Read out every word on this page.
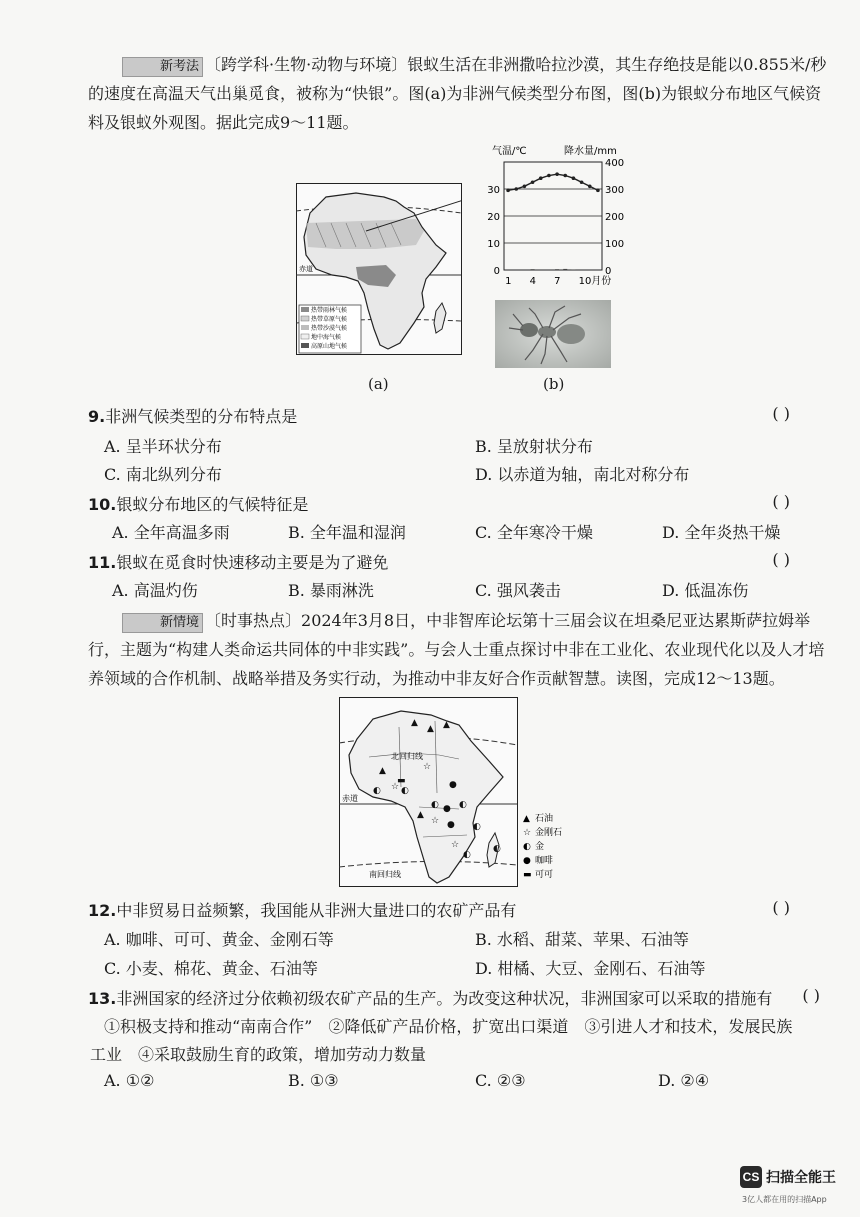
新考法 〔跨学科·生物·动物与环境〕银蚁生活在非洲撒哈拉沙漠，其生存绝技是能以0.855米/秒的速度在高温天气出巢觅食，被称为“快银”。图(a)为非洲气候类型分布图，图(b)为银蚁分布地区气候资料及银蚁外观图。据此完成9～11题。
热带雨林气候
热带草原气候
热带沙漠气候
地中海气候
高原山地气候
赤道
气温/℃	降水量/mm
30
20
10
0
400
300
200
100
0
1 4 7 10月份
(a)	(b)
9.非洲气候类型的分布特点是	( )
A. 呈半环状分布	B. 呈放射状分布
C. 南北纵列分布	D. 以赤道为轴，南北对称分布
10.银蚁分布地区的气候特征是	( )
A. 全年高温多雨	B. 全年温和湿润	C. 全年寒冷干燥	D. 全年炎热干燥
11.银蚁在觅食时快速移动主要是为了避免	( )
A. 高温灼伤	B. 暴雨淋洗	C. 强风袭击	D. 低温冻伤
新情境 〔时事热点〕2024年3月8日，中非智库论坛第十三届会议在坦桑尼亚达累斯萨拉姆举行，主题为“构建人类命运共同体的中非实践”。与会人士重点探讨中非在工业化、农业现代化以及人才培养领域的合作机制、战略举措及务实行动，为推动中非友好合作贡献智慧。读图，完成12～13题。
▲
▲ ▲
▲
☆
☆
◐ ◐
●
◐ ● ◐
☆ ● ◐
◐
☆
▲
◐
▬
北回归线
赤道
南回归线
▲ 石油
☆ 金刚石
◐ 金
● 咖啡
▬ 可可
12.中非贸易日益频繁，我国能从非洲大量进口的农矿产品有	( )
A. 咖啡、可可、黄金、金刚石等	B. 水稻、甜菜、苹果、石油等
C. 小麦、棉花、黄金、石油等	D. 柑橘、大豆、金刚石、石油等
13.非洲国家的经济过分依赖初级农矿产品的生产。为改变这种状况，非洲国家可以采取的措施有 ( )
①积极支持和推动“南南合作”　②降低矿产品价格，扩宽出口渠道　③引进人才和技术，发展民族
工业　④采取鼓励生育的政策，增加劳动力数量
A. ①②	B. ①③	C. ②③	D. ②④
CS 扫描全能王
3亿人都在用的扫描App
